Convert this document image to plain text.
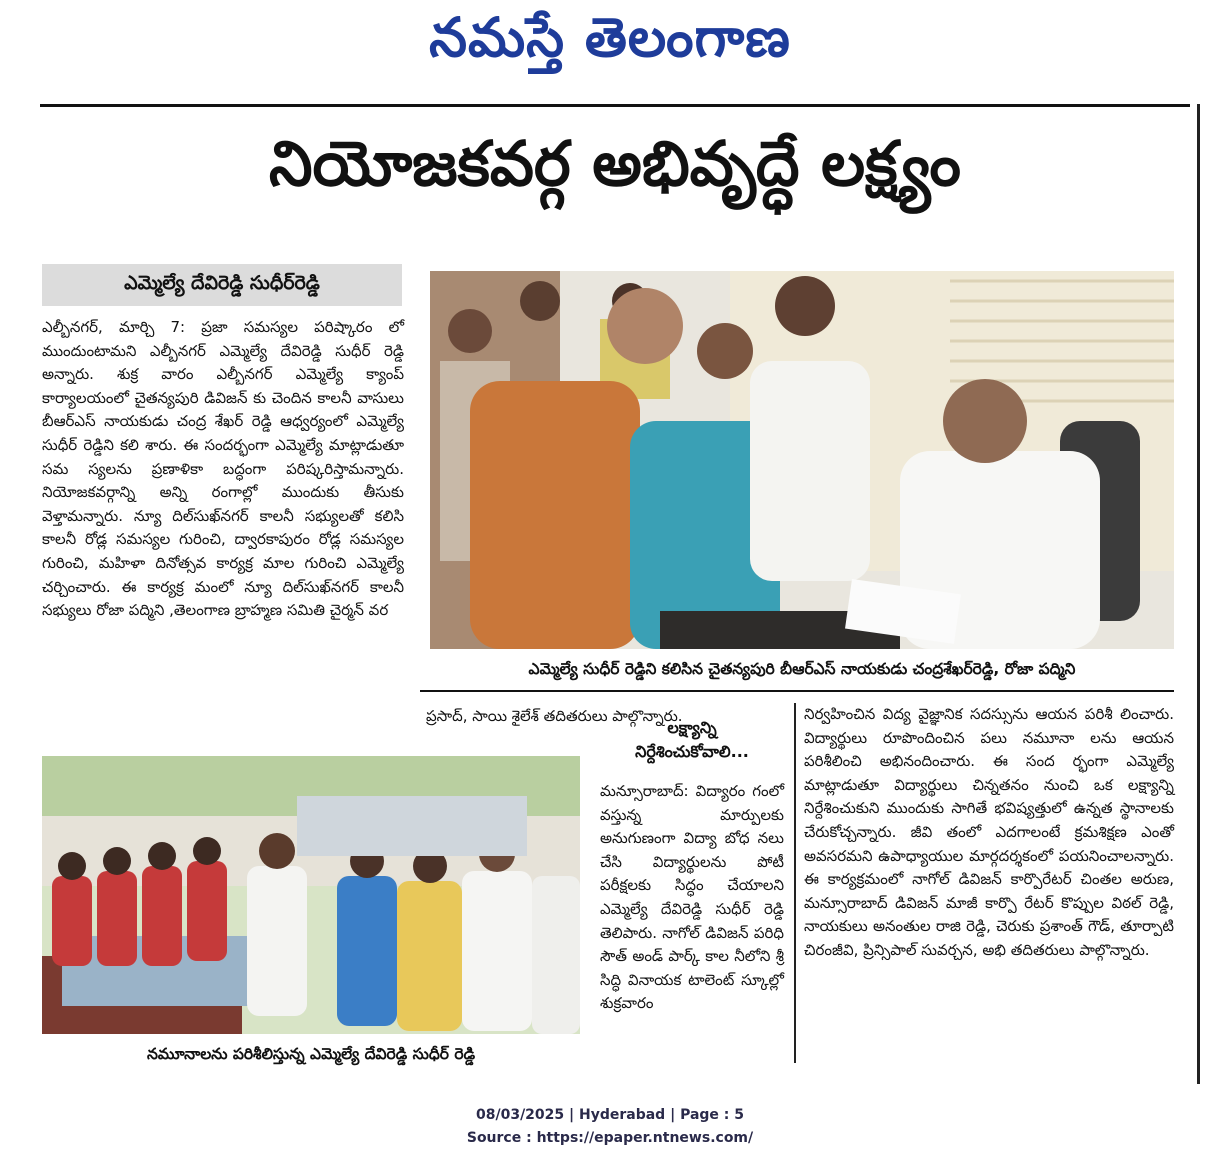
నమస్తే తెలంగాణ
నియోజకవర్గ అభివృద్ధే లక్ష్యం
ఎమ్మెల్యే దేవిరెడ్డి సుధీర్‌రెడ్డి
ఎల్బీనగర్‌, మార్చి 7: ప్రజా సమస్యల పరిష్కారం లో ముందుంటామని ఎల్బీనగర్‌ ఎమ్మెల్యే దేవిరెడ్డి సుధీర్‌ రెడ్డి అన్నారు. శుక్ర వారం ఎల్బీనగర్‌ ఎమ్మెల్యే క్యాంప్‌ కార్యాలయంలో చైతన్యపురి డివిజన్‌ కు చెందిన కాలనీ వాసులు బీఆర్‌ఎస్‌ నాయకుడు చంద్ర శేఖర్‌ రెడ్డి ఆధ్వర్యంలో ఎమ్మెల్యే సుధీర్‌ రెడ్డిని కలి శారు. ఈ సందర్భంగా ఎమ్మెల్యే మాట్లాడుతూ సమ స్యలను ప్రణాళికా బద్ధంగా పరిష్కరిస్తామన్నారు. నియోజకవర్గాన్ని అన్ని రంగాల్లో ముందుకు తీసుకు వెళ్తామన్నారు. న్యూ దిల్‌సుఖ్‌నగర్‌ కాలనీ సభ్యులతో కలిసి కాలనీ రోడ్ల సమస్యల గురించి, ద్వారకాపురం రోడ్ల సమస్యల గురించి, మహిళా దినోత్సవ కార్యక్ర మాల గురించి ఎమ్మెల్యే చర్చించారు. ఈ కార్యక్ర మంలో న్యూ దిల్‌సుఖ్‌నగర్‌ కాలనీ సభ్యులు రోజా పద్మిని ,తెలంగాణ బ్రాహ్మణ సమితి చైర్మన్‌ వర
ఎమ్మెల్యే సుధీర్‌ రెడ్డిని కలిసిన చైతన్యపురి బీఆర్‌ఎస్‌ నాయకుడు చంద్రశేఖర్‌రెడ్డి, రోజా పద్మిని
ప్రసాద్‌, సాయి శైలేశ్‌ తదితరులు పాల్గొన్నారు.	నిర్వహించిన విద్య వైజ్ఞానిక సదస్సును ఆయన పరిశీ లించారు. విద్యార్థులు రూపొందించిన పలు నమూనా లను ఆయన పరిశీలించి అభినందించారు. ఈ సంద ర్భంగా ఎమ్మెల్యే మాట్లాడుతూ విద్యార్థులు చిన్నతనం నుంచి ఒక లక్ష్యాన్ని నిర్దేశించుకుని ముందుకు సాగితే భవిష్యత్తులో ఉన్నత స్థానాలకు చేరుకోచ్చన్నారు. జీవి తంలో ఎదగాలంటే క్రమశిక్షణ ఎంతో అవసరమని ఉపాధ్యాయుల మార్గదర్శకంలో పయనించాలన్నారు. ఈ కార్యక్రమంలో నాగోల్‌ డివిజన్‌ కార్పొరేటర్‌ చింతల అరుణ, మన్సూరాబాద్‌ డివిజన్‌ మాజీ కార్పొ రేటర్‌ కొప్పుల విఠల్‌ రెడ్డి, నాయకులు అనంతుల రాజి రెడ్డి, చెరుకు ప్రశాంత్‌ గౌడ్‌, తూర్పాటి చిరంజీవి, ప్రిన్సిపాల్‌ సువర్చన, అభి తదితరులు పాల్గొన్నారు.
లక్ష్యాన్ని
నిర్దేశించుకోవాలి...
మన్సూరాబాద్‌: విద్యారం గంలో వస్తున్న మార్పులకు అనుగుణంగా విద్యా బోధ నలు చేసి విద్యార్థులను పోటీ పరీక్షలకు సిద్ధం చేయాలని ఎమ్మెల్యే దేవిరెడ్డి సుధీర్‌ రెడ్డి తెలిపారు. నాగోల్‌ డివిజన్‌ పరిధి సౌత్‌ అండ్‌ పార్క్‌ కాల నీలోని శ్రీ సిద్ధి వినాయక టాలెంట్‌ స్కూల్లో శుక్రవారం
నమూనాలను పరిశీలిస్తున్న ఎమ్మెల్యే దేవిరెడ్డి సుధీర్‌ రెడ్డి
08/03/2025 | Hyderabad | Page : 5
Source : https://epaper.ntnews.com/
